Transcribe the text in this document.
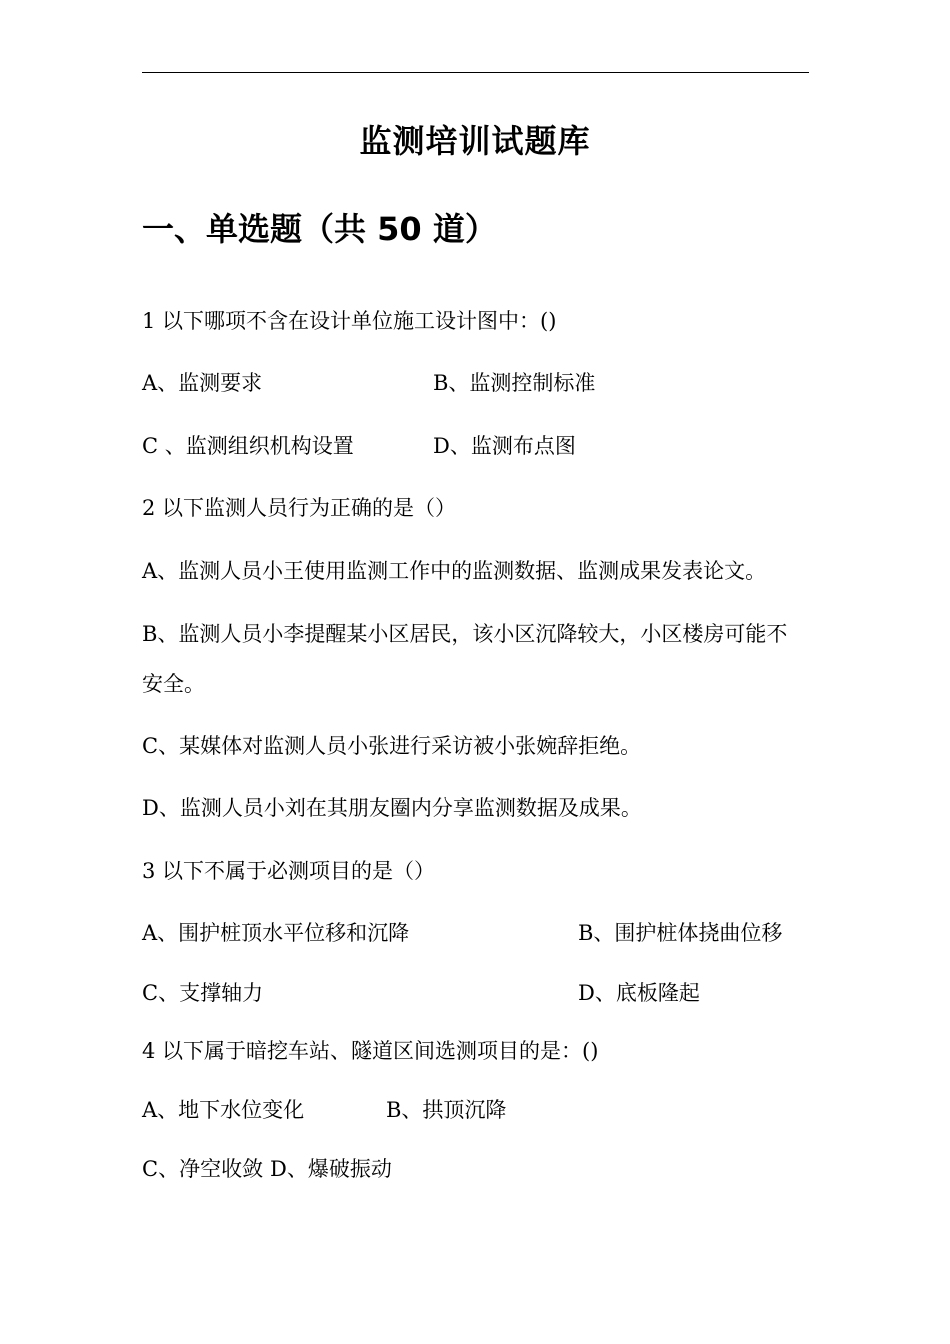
监测培训试题库
一、单选题（共 50 道）
1 以下哪项不含在设计单位施工设计图中：()
A、监测要求	B、监测控制标准
C 、监测组织机构设置	D、监测布点图
2 以下监测人员行为正确的是（）
A、监测人员小王使用监测工作中的监测数据、监测成果发表论文。
B、监测人员小李提醒某小区居民，该小区沉降较大，小区楼房可能不安全。
C、某媒体对监测人员小张进行采访被小张婉辞拒绝。
D、监测人员小刘在其朋友圈内分享监测数据及成果。
3 以下不属于必测项目的是（）
A、围护桩顶水平位移和沉降	B、围护桩体挠曲位移
C、支撑轴力	D、底板隆起
4 以下属于暗挖车站、隧道区间选测项目的是：()
A、地下水位变化	B、拱顶沉降
C、净空收敛 D、爆破振动
